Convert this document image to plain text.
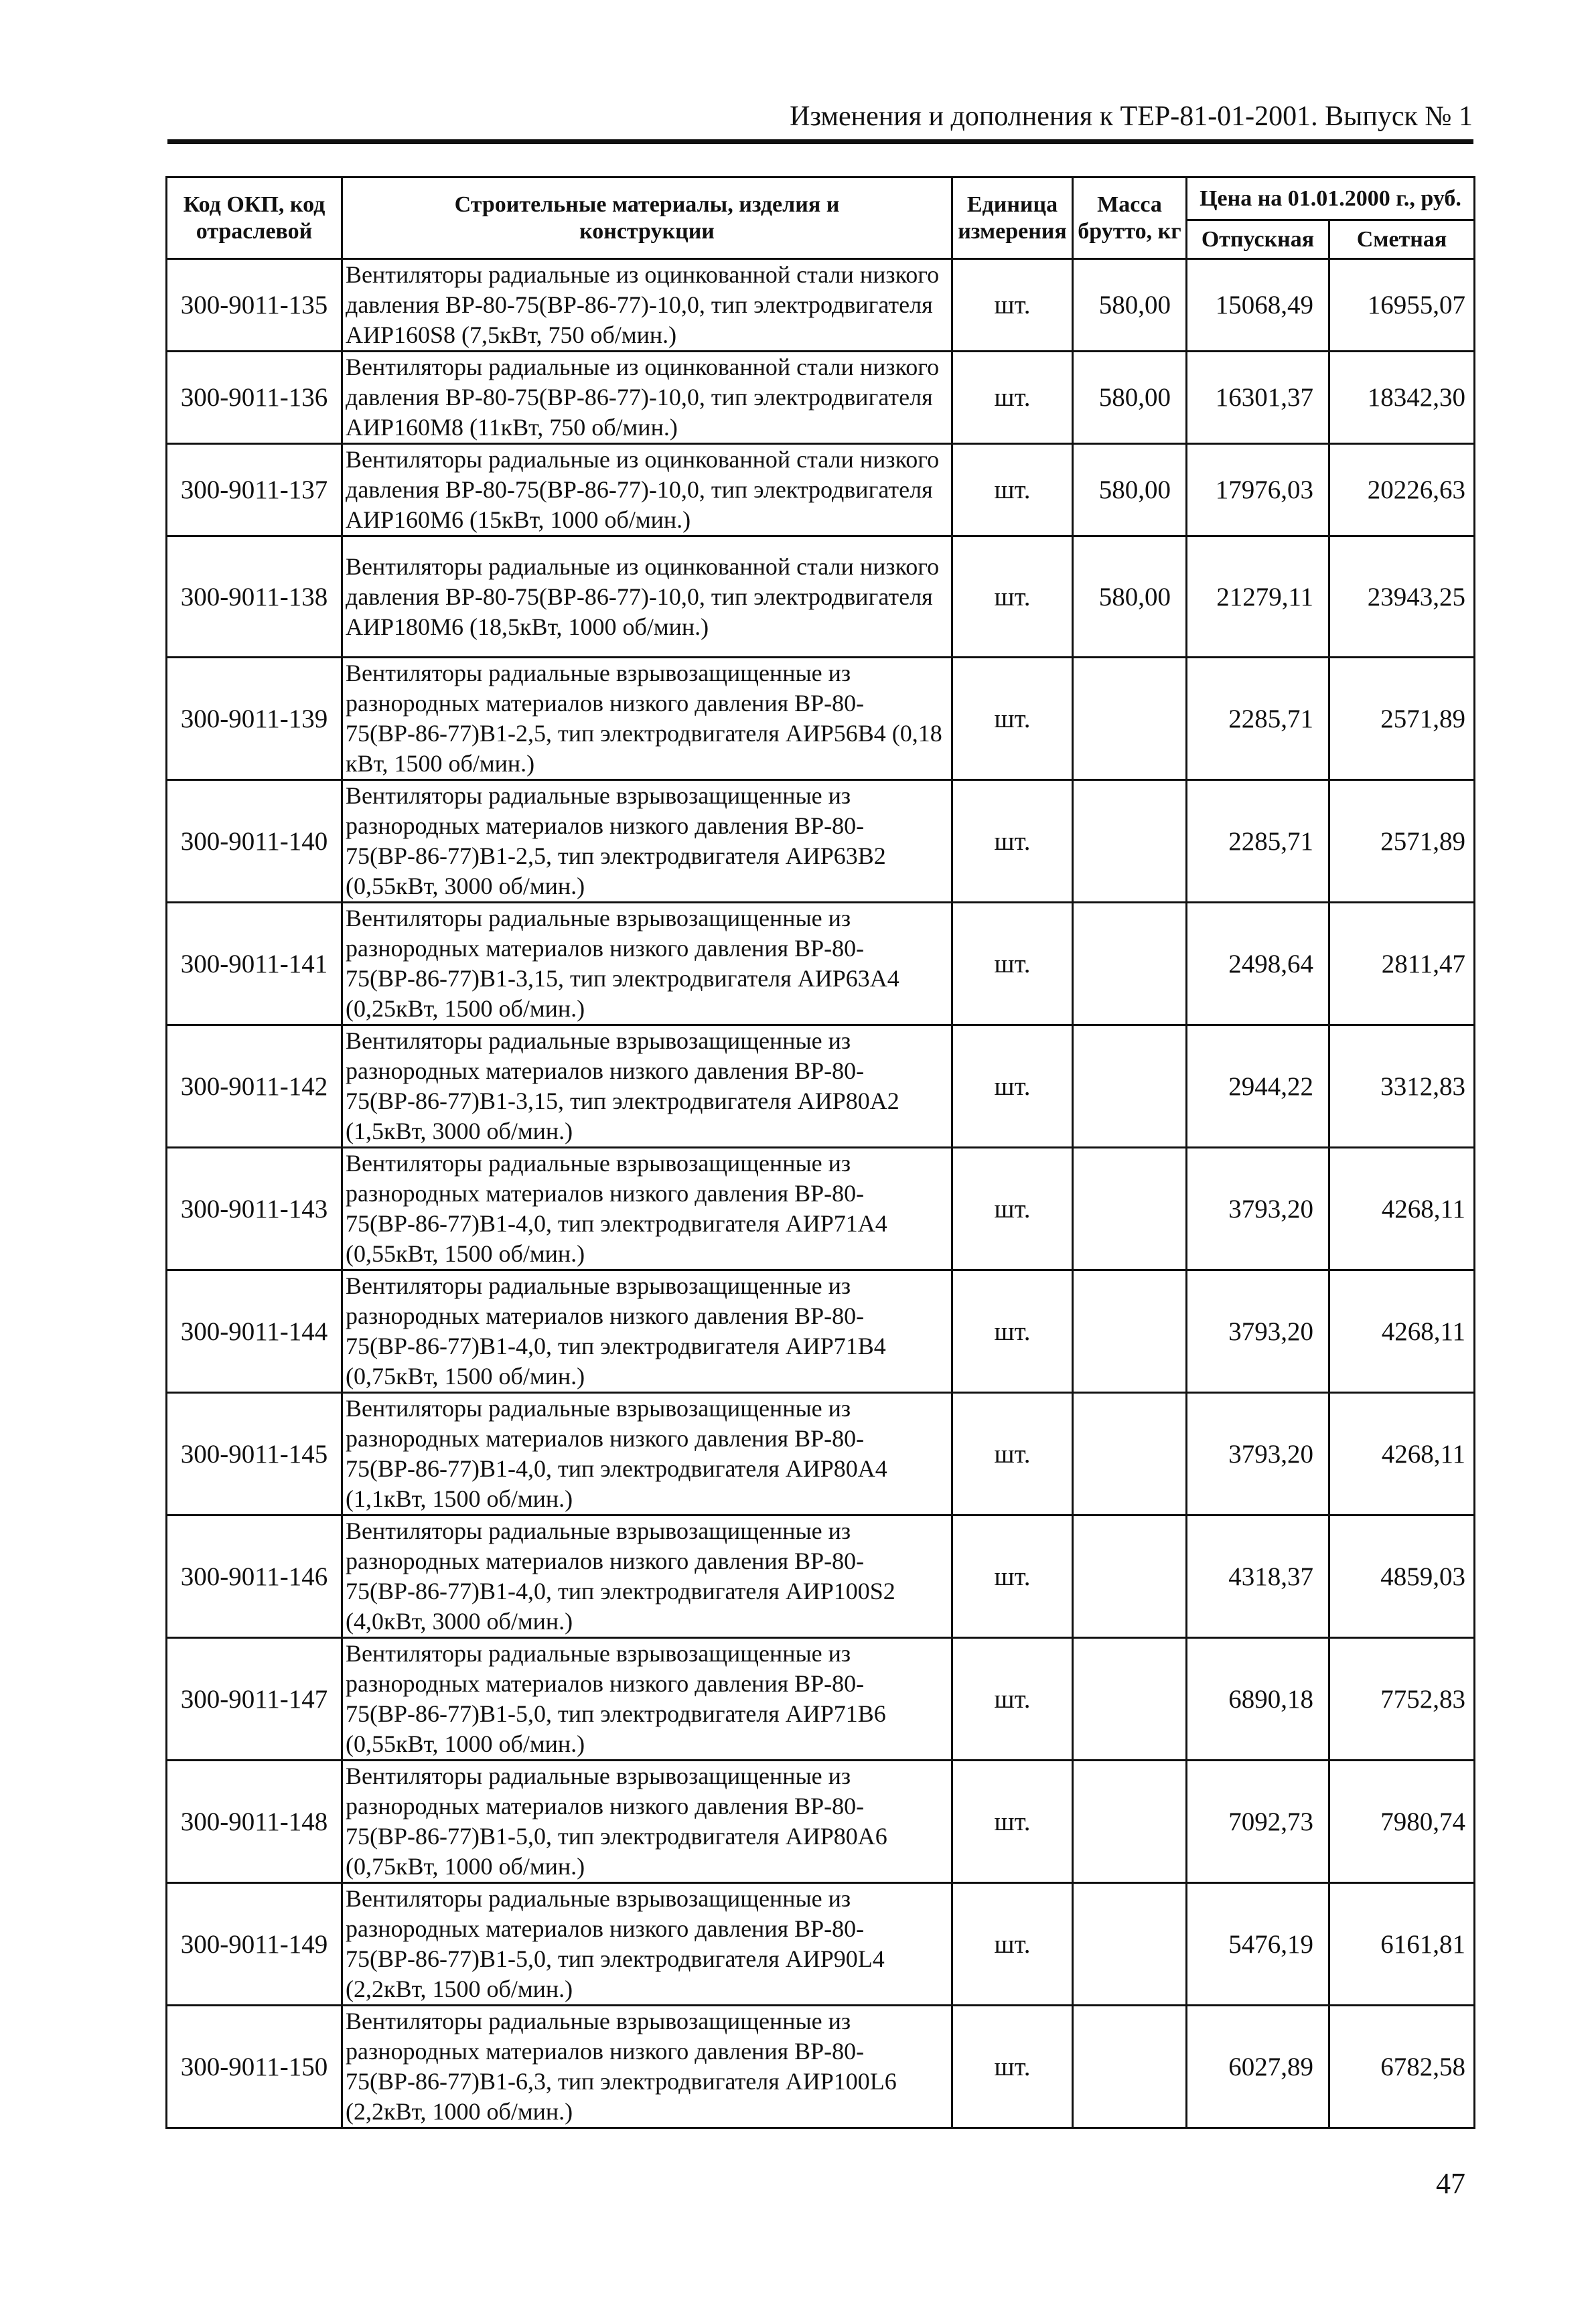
Изменения и дополнения к ТЕР-81-01-2001. Выпуск № 1
Код ОКП, код отраслевой	Строительные материалы, изделия и конструкции	Единица измерения	Масса брутто, кг	Цена на 01.01.2000 г., руб.	
				Отпускная	Сметная
300-9011-135	Вентиляторы радиальные из оцинкованной стали низкого давления ВР-80-75(ВР-86-77)-10,0, тип электродвигателя АИР160S8 (7,5кВт, 750 об/мин.)	шт.	580,00	15068,49	16955,07
300-9011-136	Вентиляторы радиальные из оцинкованной стали низкого давления ВР-80-75(ВР-86-77)-10,0, тип электродвигателя АИР160М8 (11кВт, 750 об/мин.)	шт.	580,00	16301,37	18342,30
300-9011-137	Вентиляторы радиальные из оцинкованной стали низкого давления ВР-80-75(ВР-86-77)-10,0, тип электродвигателя АИР160М6 (15кВт, 1000 об/мин.)	шт.	580,00	17976,03	20226,63
300-9011-138	Вентиляторы радиальные из оцинкованной стали низкого давления ВР-80-75(ВР-86-77)-10,0, тип электродвигателя АИР180М6 (18,5кВт, 1000 об/мин.)	шт.	580,00	21279,11	23943,25
300-9011-139	Вентиляторы радиальные взрывозащищенные из разнородных материалов низкого давления ВР-80-75(ВР-86-77)В1-2,5, тип электродвигателя АИР56В4 (0,18 кВт, 1500 об/мин.)	шт.		2285,71	2571,89
300-9011-140	Вентиляторы радиальные взрывозащищенные из разнородных материалов низкого давления ВР-80-75(ВР-86-77)В1-2,5, тип электродвигателя АИР63В2 (0,55кВт, 3000 об/мин.)	шт.		2285,71	2571,89
300-9011-141	Вентиляторы радиальные взрывозащищенные из разнородных материалов низкого давления ВР-80-75(ВР-86-77)В1-3,15, тип электродвигателя АИР63А4 (0,25кВт, 1500 об/мин.)	шт.		2498,64	2811,47
300-9011-142	Вентиляторы радиальные взрывозащищенные из разнородных материалов низкого давления ВР-80-75(ВР-86-77)В1-3,15, тип электродвигателя АИР80А2 (1,5кВт, 3000 об/мин.)	шт.		2944,22	3312,83
300-9011-143	Вентиляторы радиальные взрывозащищенные из разнородных материалов низкого давления ВР-80-75(ВР-86-77)В1-4,0, тип электродвигателя АИР71А4 (0,55кВт, 1500 об/мин.)	шт.		3793,20	4268,11
300-9011-144	Вентиляторы радиальные взрывозащищенные из разнородных материалов низкого давления ВР-80-75(ВР-86-77)В1-4,0, тип электродвигателя АИР71В4 (0,75кВт, 1500 об/мин.)	шт.		3793,20	4268,11
300-9011-145	Вентиляторы радиальные взрывозащищенные из разнородных материалов низкого давления ВР-80-75(ВР-86-77)В1-4,0, тип электродвигателя АИР80А4 (1,1кВт, 1500 об/мин.)	шт.		3793,20	4268,11
300-9011-146	Вентиляторы радиальные взрывозащищенные из разнородных материалов низкого давления ВР-80-75(ВР-86-77)В1-4,0, тип электродвигателя АИР100S2 (4,0кВт, 3000 об/мин.)	шт.		4318,37	4859,03
300-9011-147	Вентиляторы радиальные взрывозащищенные из разнородных материалов низкого давления ВР-80-75(ВР-86-77)В1-5,0, тип электродвигателя АИР71В6 (0,55кВт, 1000 об/мин.)	шт.		6890,18	7752,83
300-9011-148	Вентиляторы радиальные взрывозащищенные из разнородных материалов низкого давления ВР-80-75(ВР-86-77)В1-5,0, тип электродвигателя АИР80А6 (0,75кВт, 1000 об/мин.)	шт.		7092,73	7980,74
300-9011-149	Вентиляторы радиальные взрывозащищенные из разнородных материалов низкого давления ВР-80-75(ВР-86-77)В1-5,0, тип электродвигателя АИР90L4 (2,2кВт, 1500 об/мин.)	шт.		5476,19	6161,81
300-9011-150	Вентиляторы радиальные взрывозащищенные из разнородных материалов низкого давления ВР-80-75(ВР-86-77)В1-6,3, тип электродвигателя АИР100L6 (2,2кВт, 1000 об/мин.)	шт.		6027,89	6782,58
47
